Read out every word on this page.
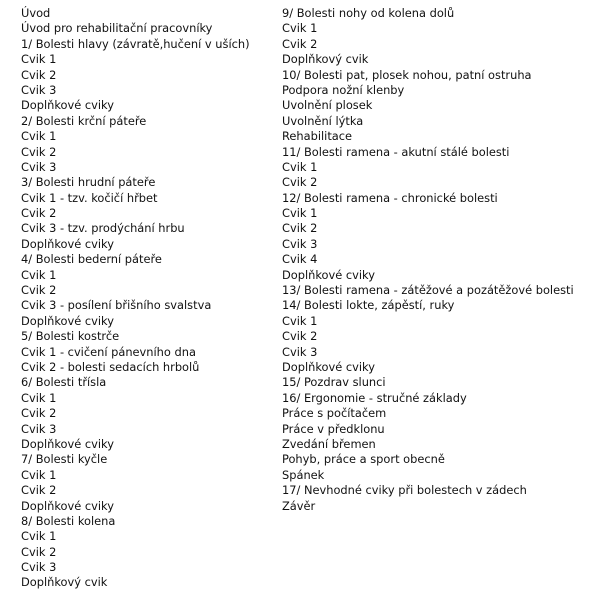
Úvod
Úvod pro rehabilitační pracovníky
1/ Bolesti hlavy (závratě,hučení v uších)
Cvik 1
Cvik 2
Cvik 3
Doplňkové cviky
2/ Bolesti krční páteře
Cvik 1
Cvik 2
Cvik 3
3/ Bolesti hrudní páteře
Cvik 1 - tzv. kočičí hřbet
Cvik 2
Cvik 3 - tzv. prodýchání hrbu
Doplňkové cviky
4/ Bolesti bederní páteře
Cvik 1
Cvik 2
Cvik 3 - posílení břišního svalstva
Doplňkové cviky
5/ Bolesti kostrče
Cvik 1 - cvičení pánevního dna
Cvik 2 - bolesti sedacích hrbolů
6/ Bolesti třísla
Cvik 1
Cvik 2
Cvik 3
Doplňkové cviky
7/ Bolesti kyčle
Cvik 1
Cvik 2
Doplňkové cviky
8/ Bolesti kolena
Cvik 1
Cvik 2
Cvik 3
Doplňkový cvik
9/ Bolesti nohy od kolena dolů
Cvik 1
Cvik 2
Doplňkový cvik
10/ Bolesti pat, plosek nohou, patní ostruha
Podpora nožní klenby
Uvolnění plosek
Uvolnění lýtka
Rehabilitace
11/ Bolesti ramena - akutní stálé bolesti
Cvik 1
Cvik 2
12/ Bolesti ramena - chronické bolesti
Cvik 1
Cvik 2
Cvik 3
Cvik 4
Doplňkové cviky
13/ Bolesti ramena - zátěžové a pozátěžové bolesti
14/ Bolesti lokte, zápěstí, ruky
Cvik 1
Cvik 2
Cvik 3
Doplňkové cviky
15/ Pozdrav slunci
16/ Ergonomie - stručné základy
Práce s počítačem
Práce v předklonu
Zvedání břemen
Pohyb, práce a sport obecně
Spánek
17/ Nevhodné cviky při bolestech v zádech
Závěr
